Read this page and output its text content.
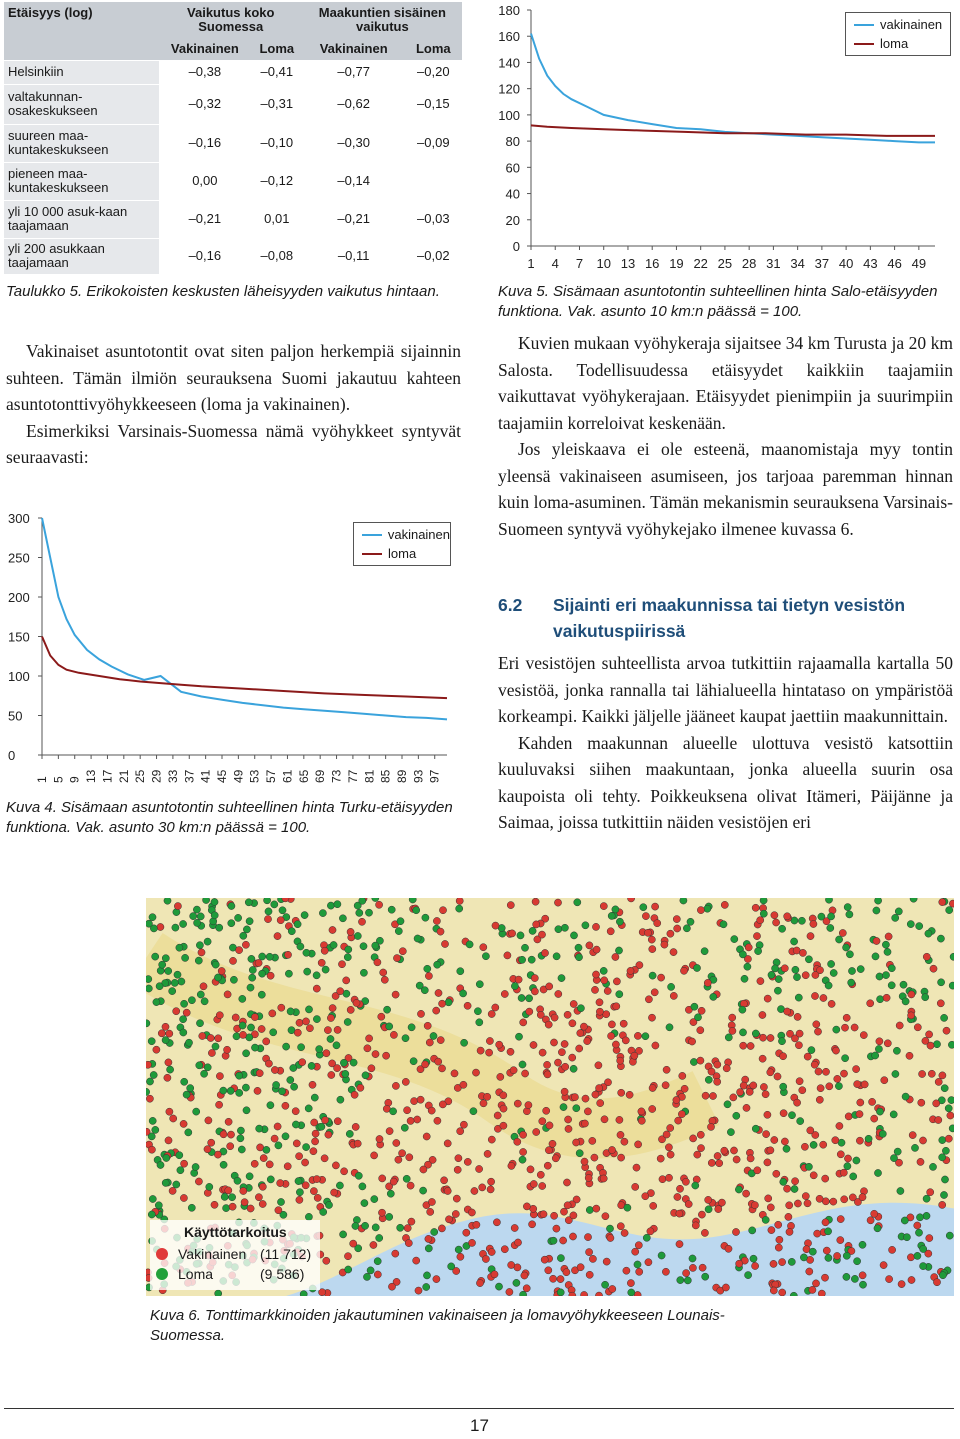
Etäisyys (log)	Vaikutus koko Suomessa		Maakuntien sisäinen vaikutus	
	Vakinainen	Loma	Vakinainen	Loma
Helsinkiin	–0,38	–0,41	–0,77	–0,20
valtakunnan-osakeskukseen	–0,32	–0,31	–0,62	–0,15
suureen maa-kuntakeskukseen	–0,16	–0,10	–0,30	–0,09
pieneen maa-kuntakeskukseen	0,00	–0,12	–0,14	
yli 10 000 asuk-kaan taajamaan	–0,21	0,01	–0,21	–0,03
yli 200 asukkaan taajamaan	–0,16	–0,08	–0,11	–0,02
Taulukko 5. Erikokoisten keskusten läheisyyden vaikutus hintaan.

Vakinaiset asuntotontit ovat siten paljon herkempiä sijainnin suhteen. Tämän ilmiön seurauksena Suomi jakautuu kahteen asuntotonttivyöhykkeeseen (loma ja vakinainen).

Esimerkiksi Varsinais-Suomessa nämä vyöhykkeet syntyvät seuraavasti:

0
50
100
150
200
250
300
1 5 9 13 17 21 25 29 33 37 41 45 49 53 57 61 65 69 73 77 81 85 89 93 97
vakinainen
loma
Kuva 4. Sisämaan asuntotontin suhteellinen hinta Turku-etäisyyden funktiona. Vak. asunto 30 km:n päässä = 100.
0
20
40
60
80
100
120
140
160
180
1 4 7 10 13 16 19 22 25 28 31 34 37 40 43 46 49
vakinainen
loma
Kuva 5. Sisämaan asuntotontin suhteellinen hinta Salo-etäisyyden funktiona. Vak. asunto 10 km:n päässä = 100.

Kuvien mukaan vyöhykeraja sijaitsee 34 km Turusta ja 20 km Salosta. Todellisuudessa etäisyydet kaikkiin taajamiin vaikuttavat vyöhykerajaan. Etäisyydet pienimpiin ja suurimpiin taajamiin korreloivat keskenään.

Jos yleiskaava ei ole esteenä, maanomistaja myy tontin yleensä vakinaiseen asumiseen, jos tarjoaa paremman hinnan kuin loma-asuminen. Tämän mekanismin seurauksena Varsinais-Suomeen syntyvä vyöhykejako ilmenee kuvassa 6.

6.2	Sijainti eri maakunnissa tai tietyn vesistön vaikutuspiirissä

Eri vesistöjen suhteellista arvoa tutkittiin rajaamalla kartalla 50 vesistöä, jonka rannalla tai lähialueella hintataso on ympäristöä korkeampi. Kaikki jäljelle jääneet kaupat jaettiin maakunnittain.

Kahden maakunnan alueelle ulottuva vesistö katsottiin kuuluvaksi siihen maakuntaan, jonka alueella suurin osa kaupoista oli tehty. Poikkeuksena olivat Itämeri, Päijänne ja Saimaa, joissa tutkittiin näiden vesistöjen eri

Käyttötarkoitus
Vakinainen (11 712)
Loma	(9 586)
Kuva 6. Tonttimarkkinoiden jakautuminen vakinaiseen ja lomavyöhykkeeseen Lounais-Suomessa.
17
